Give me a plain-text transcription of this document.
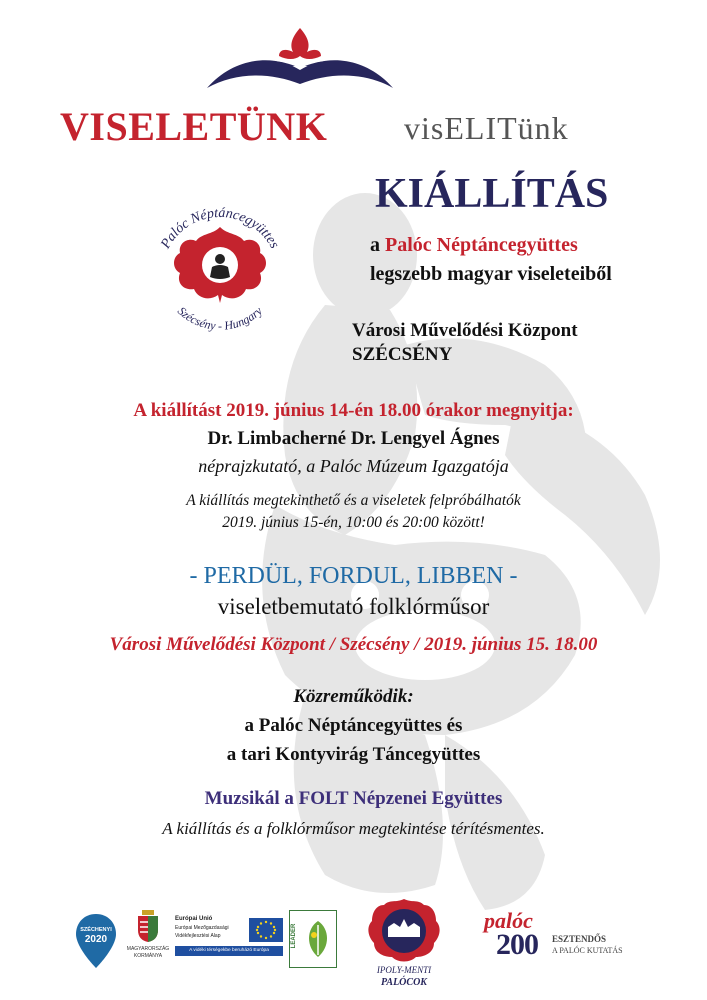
VISELETÜNK visELITünk
KIÁLLÍTÁS
Palóc Néptáncegyüttes
Szécsény - Hungary
a Palóc Néptáncegyüttes
legszebb magyar viseleteiből
Városi Művelődési Központ
SZÉCSÉNY
A kiállítást 2019. június 14-én 18.00 órakor megnyitja:
Dr. Limbacherné Dr. Lengyel Ágnes
néprajzkutató, a Palóc Múzeum Igazgatója
A kiállítás megtekinthető és a viseletek felpróbálhatók
2019. június 15-én, 10:00 és 20:00 között!
- PERDÜL, FORDUL, LIBBEN -
viseletbemutató folklórműsor
Városi Művelődési Központ / Szécsény / 2019. június 15. 18.00
Közreműködik:
a Palóc Néptáncegyüttes és
a tari Kontyvirág Táncegyüttes
Muzsikál a FOLT Népzenei Együttes
A kiállítás és a folklórműsor megtekintése térítésmentes.
SZÉCHENYI
2020
MAGYARORSZÁG
KORMÁNYA
Európai Unió
Európai Mezőgazdasági
Vidékfejlesztési Alap
A vidéki térségekbe beruházó Európa
LEADER
IPOLY-MENTI
PALÓCOK
palóc
200 ESZTENDŐS
A PALÓC KUTATÁS
